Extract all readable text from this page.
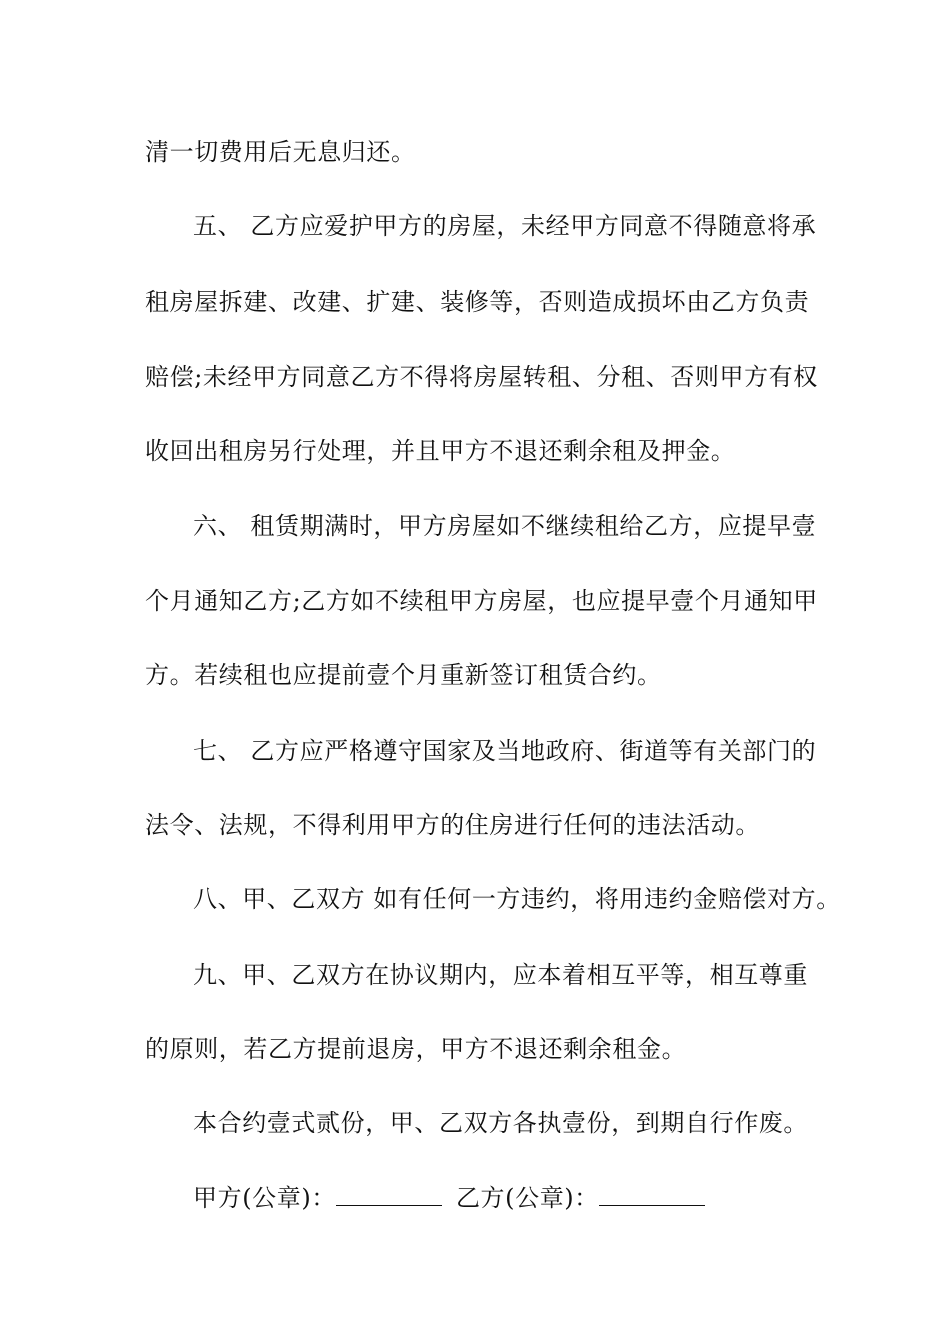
清一切费用后无息归还。
五、 乙方应爱护甲方的房屋，未经甲方同意不得随意将承
租房屋拆建、改建、扩建、装修等，否则造成损坏由乙方负责
赔偿;未经甲方同意乙方不得将房屋转租、分租、否则甲方有权
收回出租房另行处理，并且甲方不退还剩余租及押金。
六、 租赁期满时，甲方房屋如不继续租给乙方，应提早壹
个月通知乙方;乙方如不续租甲方房屋，也应提早壹个月通知甲
方。若续租也应提前壹个月重新签订租赁合约。
七、 乙方应严格遵守国家及当地政府、街道等有关部门的
法令、法规，不得利用甲方的住房进行任何的违法活动。
八、甲、乙双方 如有任何一方违约，将用违约金赔偿对方。
九、甲、乙双方在协议期内，应本着相互平等，相互尊重
的原则，若乙方提前退房，甲方不退还剩余租金。
本合约壹式贰份，甲、乙双方各执壹份，到期自行作废。
甲方(公章)：	乙方(公章)：
